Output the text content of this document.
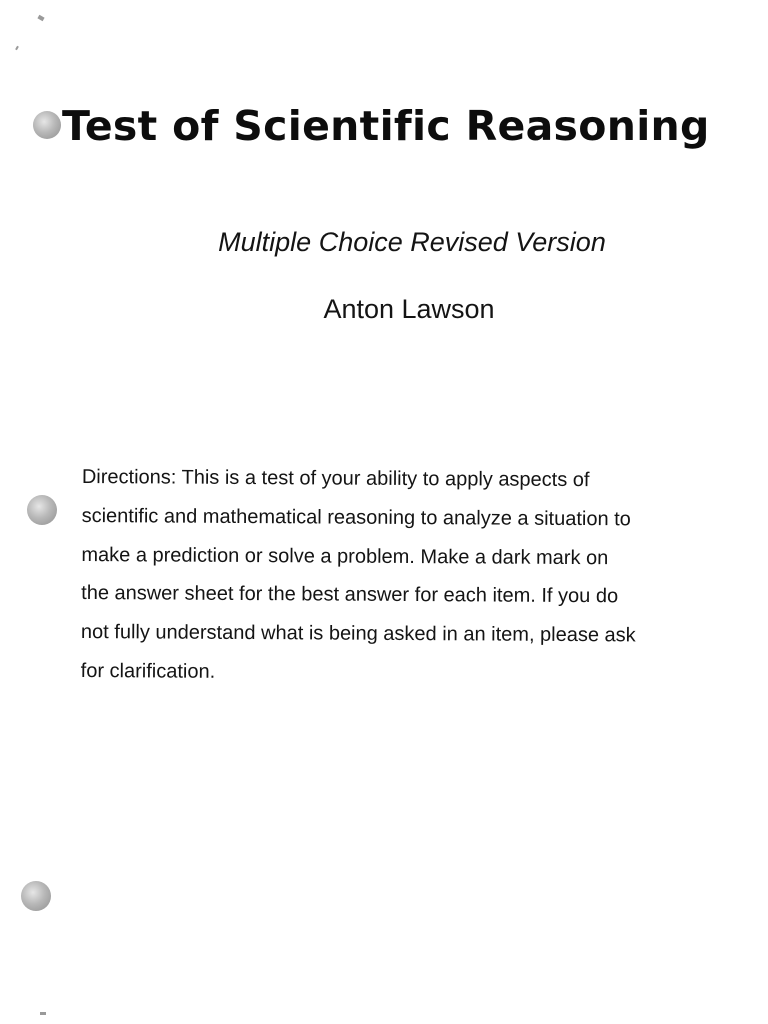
Test of Scientific Reasoning
Multiple Choice Revised Version
Anton Lawson
Directions: This is a test of your ability to apply aspects of
scientific and mathematical reasoning to analyze a situation to
make a prediction or solve a problem. Make a dark mark on
the answer sheet for the best answer for each item. If you do
not fully understand what is being asked in an item, please ask
for clarification.
